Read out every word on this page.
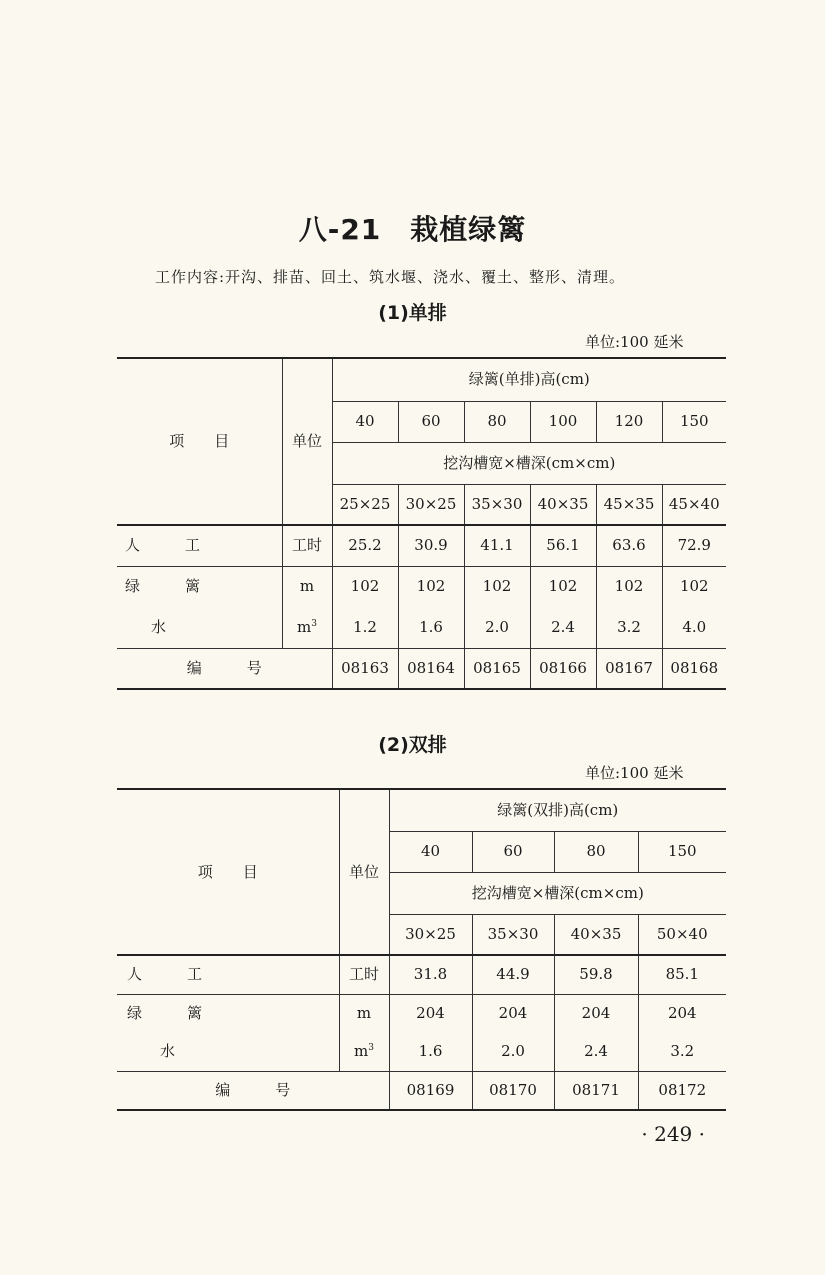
八-21　栽植绿篱
工作内容:开沟、排苗、回土、筑水堰、浇水、覆土、整形、清理。
(1)单排
单位:100 延米
项　　目	单位	绿篱(单排)高(cm)					
		40	60	80	100	120	150
		挖沟槽宽×槽深(cm×cm)					
		25×25	30×25	35×30	40×35	45×35	45×40
人　　　工	工时	25.2	30.9	41.1	56.1	63.6	72.9
绿　　　篱	m	102	102	102	102	102	102
水	$m^3$	1.2	1.6	2.0	2.4	3.2	4.0
编　　　号		08163	08164	08165	08166	08167	08168
(2)双排
单位:100 延米
项　　目	单位	绿篱(双排)高(cm)			
		40	60	80	150
		挖沟槽宽×槽深(cm×cm)			
		30×25	35×30	40×35	50×40
人　　　工	工时	31.8	44.9	59.8	85.1
绿　　　篱	m	204	204	204	204
水	$m^3$	1.6	2.0	2.4	3.2
编　　　号		08169	08170	08171	08172
· 249 ·
